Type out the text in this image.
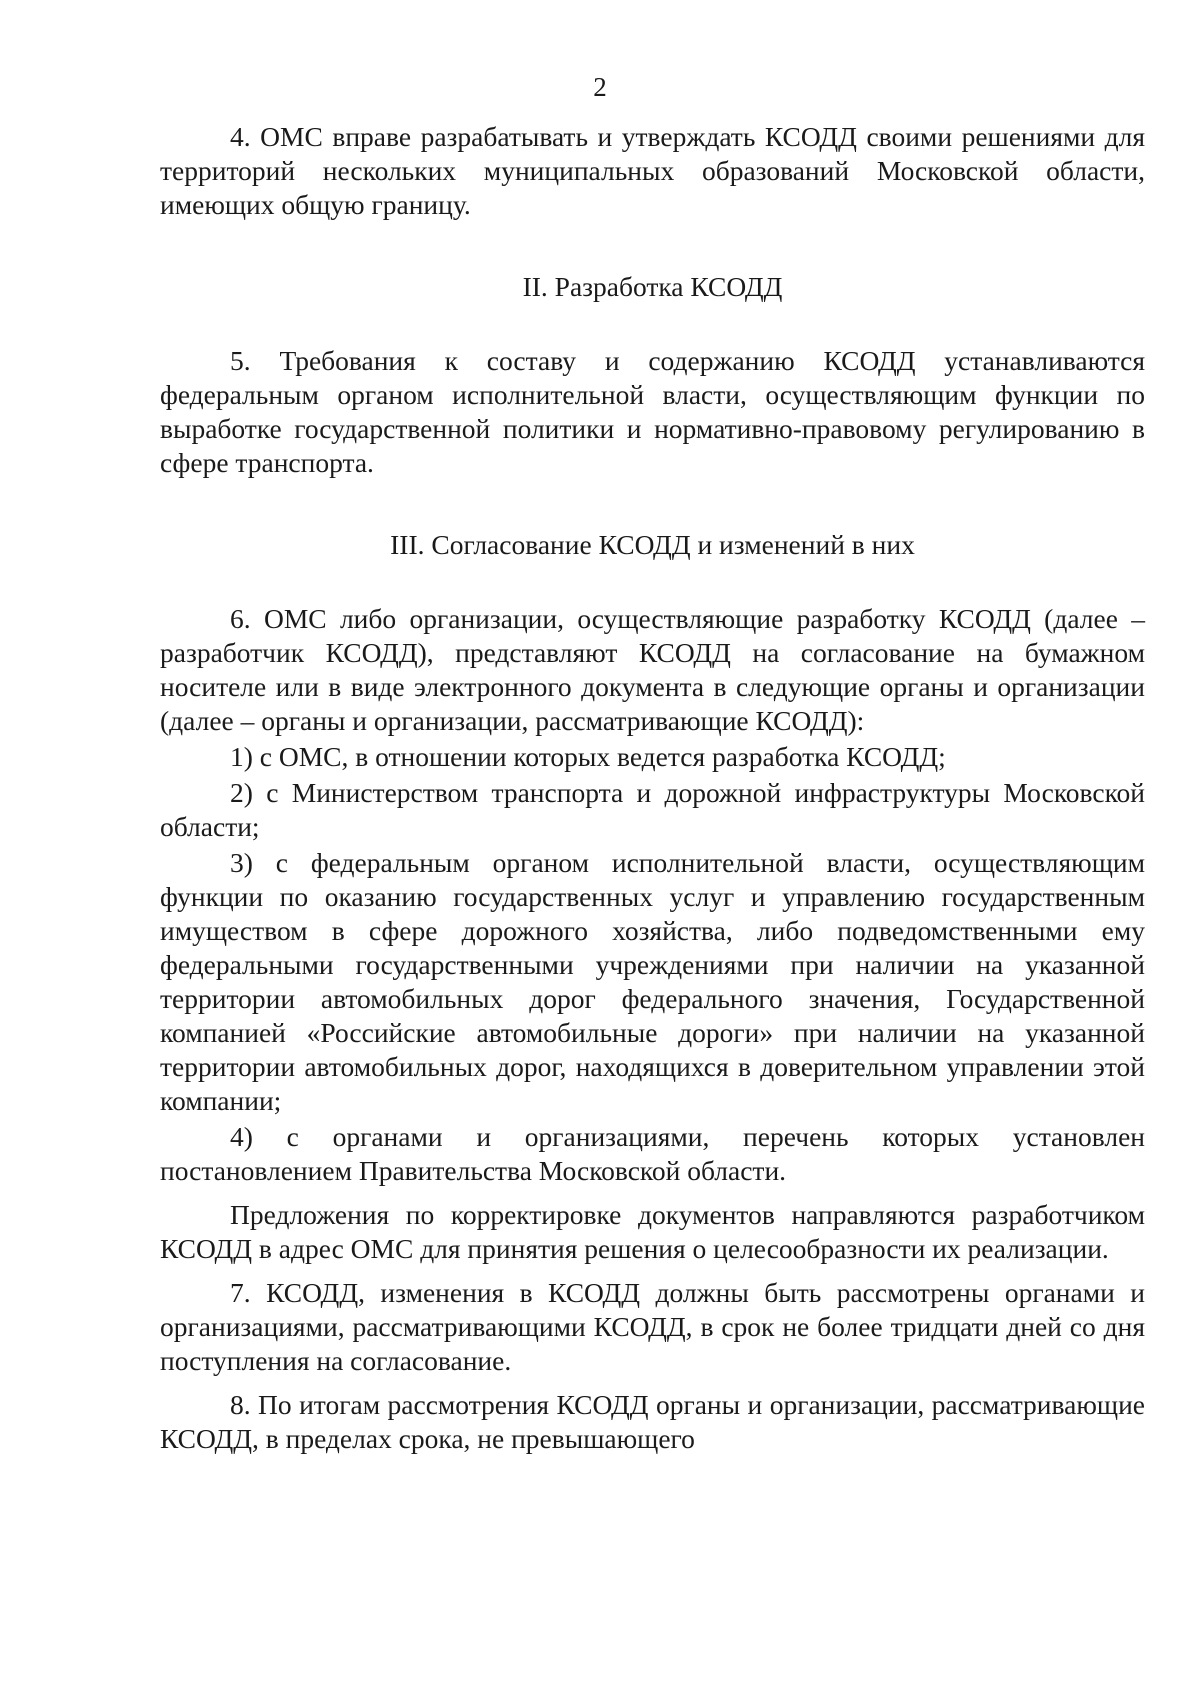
2

4. ОМС вправе разрабатывать и утверждать КСОДД своими решениями для территорий нескольких муниципальных образований Московской области, имеющих общую границу.

II. Разработка КСОДД

5. Требования к составу и содержанию КСОДД устанавливаются федеральным органом исполнительной власти, осуществляющим функции по выработке государственной политики и нормативно-правовому регулированию в сфере транспорта.

III. Согласование КСОДД и изменений в них

6. ОМС либо организации, осуществляющие разработку КСОДД (далее – разработчик КСОДД), представляют КСОДД на согласование на бумажном носителе или в виде электронного документа в следующие органы и организации (далее – органы и организации, рассматривающие КСОДД):

1) с ОМС, в отношении которых ведется разработка КСОДД;

2) с Министерством транспорта и дорожной инфраструктуры Московской области;

3) с федеральным органом исполнительной власти, осуществляющим функции по оказанию государственных услуг и управлению государственным имуществом в сфере дорожного хозяйства, либо подведомственными ему федеральными государственными учреждениями при наличии на указанной территории автомобильных дорог федерального значения, Государственной компанией «Российские автомобильные дороги» при наличии на указанной территории автомобильных дорог, находящихся в доверительном управлении этой компании;

4) с органами и организациями, перечень которых установлен постановлением Правительства Московской области.

Предложения по корректировке документов направляются разработчиком КСОДД в адрес ОМС для принятия решения о целесообразности их реализации.

7. КСОДД, изменения в КСОДД должны быть рассмотрены органами и организациями, рассматривающими КСОДД, в срок не более тридцати дней со дня поступления на согласование.

8. По итогам рассмотрения КСОДД органы и организации, рассматривающие КСОДД, в пределах срока, не превышающего
